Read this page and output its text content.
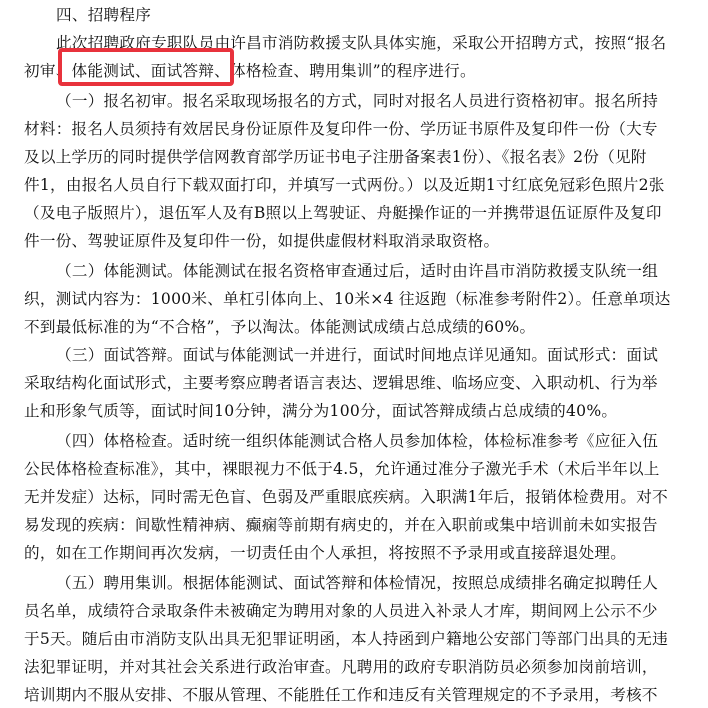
四、招聘程序
此次招聘政府专职队员由许昌市消防救援支队具体实施，采取公开招聘方式，按照“报名
初审、体能测试、面试答辩、体格检查、聘用集训”的程序进行。
（一）报名初审。报名采取现场报名的方式，同时对报名人员进行资格初审。报名所持
材料：报名人员须持有效居民身份证原件及复印件一份、学历证书原件及复印件一份（大专
及以上学历的同时提供学信网教育部学历证书电子注册备案表1份）、《报名表》2份（见附
件1，由报名人员自行下载双面打印，并填写一式两份。）以及近期1寸红底免冠彩色照片2张
（及电子版照片），退伍军人及有B照以上驾驶证、舟艇操作证的一并携带退伍证原件及复印
件一份、驾驶证原件及复印件一份，如提供虚假材料取消录取资格。
（二）体能测试。体能测试在报名资格审查通过后，适时由许昌市消防救援支队统一组
织，测试内容为：1000米、单杠引体向上、10米×4 往返跑（标准参考附件2）。任意单项达
不到最低标准的为“不合格”，予以淘汰。体能测试成绩占总成绩的60%。
（三）面试答辩。面试与体能测试一并进行，面试时间地点详见通知。面试形式：面试
采取结构化面试形式，主要考察应聘者语言表达、逻辑思维、临场应变、入职动机、行为举
止和形象气质等，面试时间10分钟，满分为100分，面试答辩成绩占总成绩的40%。
（四）体格检查。适时统一组织体能测试合格人员参加体检，体检标准参考《应征入伍
公民体格检查标准》，其中，裸眼视力不低于4.5，允许通过准分子激光手术（术后半年以上
无并发症）达标，同时需无色盲、色弱及严重眼底疾病。入职满1年后，报销体检费用。对不
易发现的疾病：间歇性精神病、癫痫等前期有病史的，并在入职前或集中培训前未如实报告
的，如在工作期间再次发病，一切责任由个人承担，将按照不予录用或直接辞退处理。
（五）聘用集训。根据体能测试、面试答辩和体检情况，按照总成绩排名确定拟聘任人
员名单，成绩符合录取条件未被确定为聘用对象的人员进入补录人才库，期间网上公示不少
于5天。随后由市消防支队出具无犯罪证明函，本人持函到户籍地公安部门等部门出具的无违
法犯罪证明，并对其社会关系进行政治审查。凡聘用的政府专职消防员必须参加岗前培训，
培训期内不服从安排、不服从管理、不能胜任工作和违反有关管理规定的不予录用，考核不
